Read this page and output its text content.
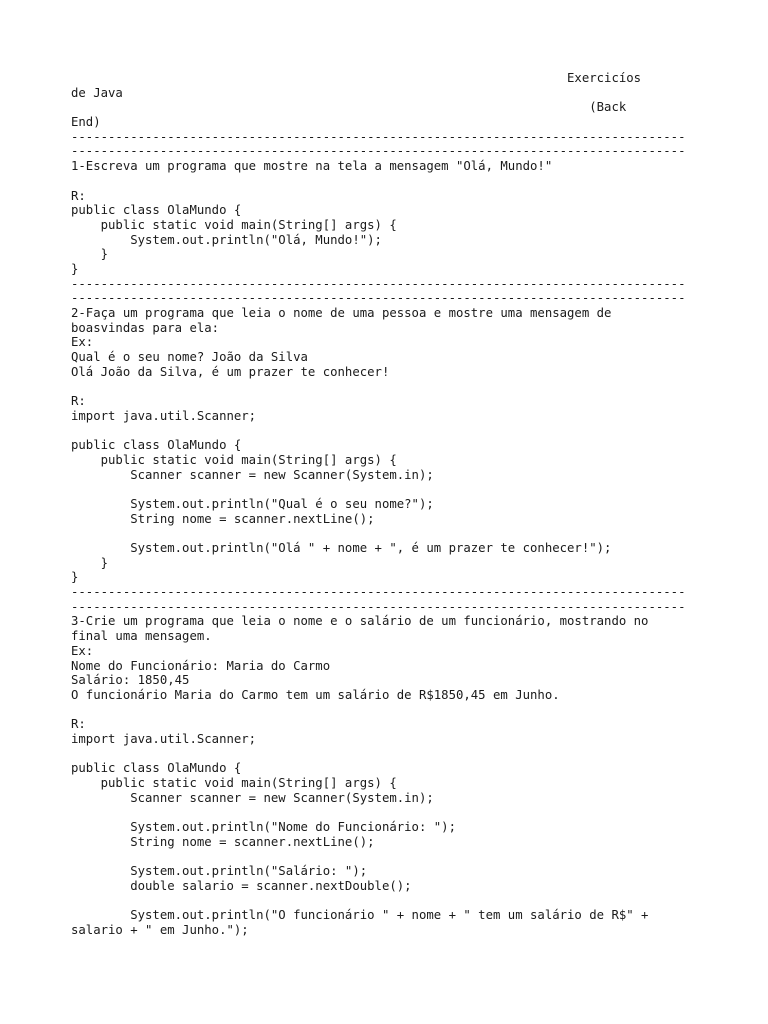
Exercicíos
de Java
(Back
End)
-----------------------------------------------------------------------------------
-----------------------------------------------------------------------------------
1-Escreva um programa que mostre na tela a mensagem "Olá, Mundo!"
R:
public class OlaMundo {
public static void main(String[] args) {
System.out.println("Olá, Mundo!");
}
}
-----------------------------------------------------------------------------------
-----------------------------------------------------------------------------------
2-Faça um programa que leia o nome de uma pessoa e mostre uma mensagem de
boasvindas para ela:
Ex:
Qual é o seu nome? João da Silva
Olá João da Silva, é um prazer te conhecer!
R:
import java.util.Scanner;
public class OlaMundo {
public static void main(String[] args) {
Scanner scanner = new Scanner(System.in);
System.out.println("Qual é o seu nome?");
String nome = scanner.nextLine();
System.out.println("Olá " + nome + ", é um prazer te conhecer!");
}
}
-----------------------------------------------------------------------------------
-----------------------------------------------------------------------------------
3-Crie um programa que leia o nome e o salário de um funcionário, mostrando no
final uma mensagem.
Ex:
Nome do Funcionário: Maria do Carmo
Salário: 1850,45
O funcionário Maria do Carmo tem um salário de R$1850,45 em Junho.
R:
import java.util.Scanner;
public class OlaMundo {
public static void main(String[] args) {
Scanner scanner = new Scanner(System.in);
System.out.println("Nome do Funcionário: ");
String nome = scanner.nextLine();
System.out.println("Salário: ");
double salario = scanner.nextDouble();
System.out.println("O funcionário " + nome + " tem um salário de R$" +
salario + " em Junho.");
